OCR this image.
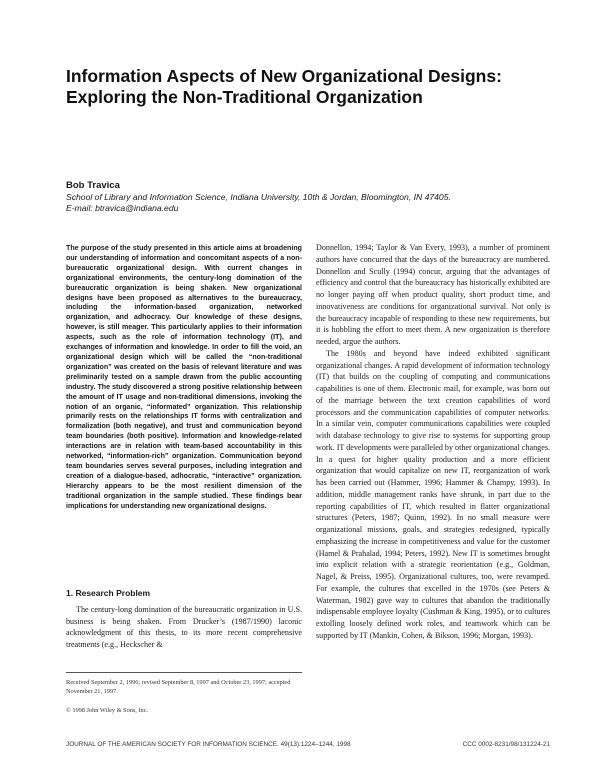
Information Aspects of New Organizational Designs: Exploring the Non-Traditional Organization
Bob Travica
School of Library and Information Science, Indiana University, 10th & Jordan, Bloomington, IN 47405.
E-mail: btravica@indiana.edu
The purpose of the study presented in this article aims at broadening our understanding of information and concomitant aspects of a non-bureaucratic organizational design. With current changes in organizational environments, the century-long domination of the bureaucratic organization is being shaken. New organizational designs have been proposed as alternatives to the bureaucracy, including the information-based organization, networked organization, and adhocracy. Our knowledge of these designs, however, is still meager. This particularly applies to their information aspects, such as the role of information technology (IT), and exchanges of information and knowledge. In order to fill the void, an organizational design which will be called the “non-traditional organization” was created on the basis of relevant literature and was preliminarily tested on a sample drawn from the public accounting industry. The study discovered a strong positive relationship between the amount of IT usage and non-traditional dimensions, invoking the notion of an organic, “informated” organization. This relationship primarily rests on the relationships IT forms with centralization and formalization (both negative), and trust and communication beyond team boundaries (both positive). Information and knowledge-related interactions are in relation with team-based accountability in this networked, “information-rich” organization. Communication beyond team boundaries serves several purposes, including integration and creation of a dialogue-based, adhocratic, “interactive” organization. Hierarchy appears to be the most resilient dimension of the traditional organization in the sample studied. These findings bear implications for understanding new organizational designs.
1. Research Problem
The century-long domination of the bureaucratic organization in U.S. business is being shaken. From Drucker’s (1987/1990) laconic acknowledgment of this thesis, to its more recent comprehensive treatments (e.g., Heckscher &
Received September 2, 1996; revised September 8, 1997 and October 23, 1997; accepted November 21, 1997.
© 1998 John Wiley & Sons, Inc.

Donnellon, 1994; Taylor & Van Every, 1993), a number of prominent authors have concurred that the days of the bureaucracy are numbered. Donnellon and Scully (1994) concur, arguing that the advantages of efficiency and control that the bureaucracy has historically exhibited are no longer paying off when product quality, short product time, and innovativeness are conditions for organizational survival. Not only is the bureaucracy incapable of responding to these new requirements, but it is hobbling the effort to meet them. A new organization is therefore needed, argue the authors.

The 1980s and beyond have indeed exhibited significant organizational changes. A rapid development of information technology (IT) that builds on the coupling of computing and communications capabilities is one of them. Electronic mail, for example, was born out of the marriage between the text creation capabilities of word processors and the communication capabilities of computer networks. In a similar vein, computer communications capabilities were coupled with database technology to give rise to systems for supporting group work. IT developments were paralleled by other organizational changes. In a quest for higher quality production and a more efficient organization that would capitalize on new IT, reorganization of work has been carried out (Hammer, 1996; Hammer & Champy, 1993). In addition, middle management ranks have shrunk, in part due to the reporting capabilities of IT, which resulted in flatter organizational structures (Peters, 1987; Quinn, 1992). In no small measure were organizational missions, goals, and strategies redesigned, typically emphasizing the increase in competitiveness and value for the customer (Hamel & Prahalad, 1994; Peters, 1992). New IT is sometimes brought into explicit relation with a strategic reorientation (e.g., Goldman, Nagel, & Preiss, 1995). Organizational cultures, too, were revamped. For example, the cultures that excelled in the 1970s (see Peters & Waterman, 1982) gave way to cultures that abandon the traditionally indispensable employee loyalty (Cushman & King, 1995), or to cultures extolling loosely defined work roles, and teamwork which can be supported by IT (Mankin, Cohen, & Bikson, 1996; Morgan, 1993).

JOURNAL OF THE AMERICAN SOCIETY FOR INFORMATION SCIENCE. 49(13):1224–1244, 1998	CCC 0002-8231/98/131224-21
